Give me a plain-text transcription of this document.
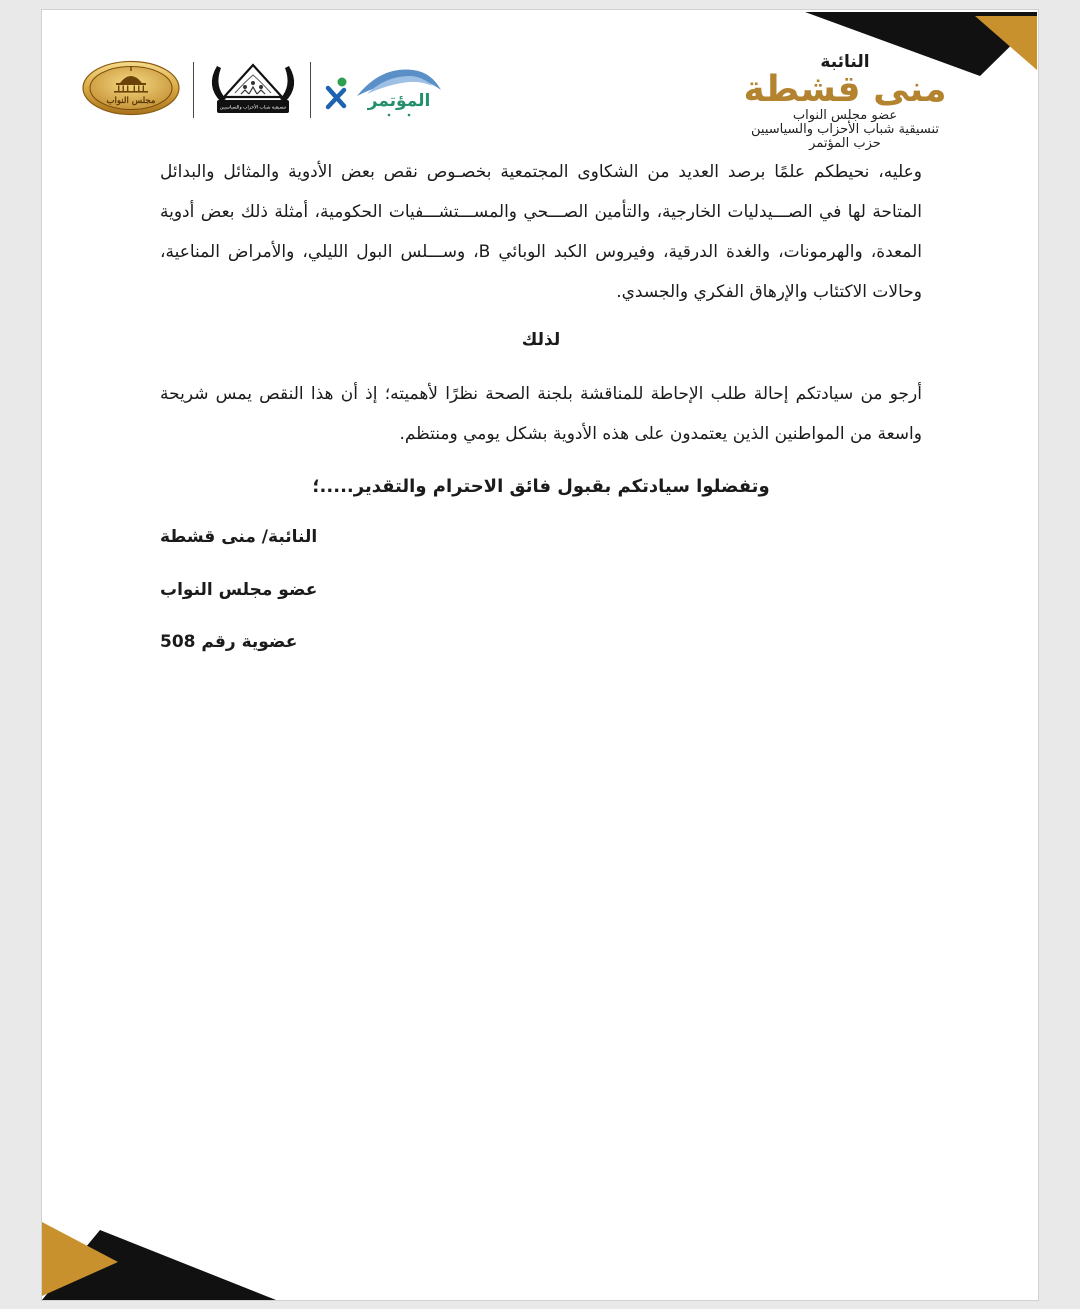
النائبة
منى قشطة
عضو مجلس النواب
تنسيقية شباب الأحزاب والسياسيين
حزب المؤتمر
مجلس النواب
تنسيقية شباب الأحزاب والسياسيين	المؤتمر
وعليه، نحيطكم علمًا برصد العديد من الشكاوى المجتمعية بخصـوص نقص بعض الأدوية والمثائل والبدائل
المتاحة لها في الصـــيدليات الخارجية، والتأمين الصـــحي والمســـتشـــفيات الحكومية، أمثلة ذلك بعض أدوية
المعدة، والهرمونات، والغدة الدرقية، وفيروس الكبد الوبائي B، وســـلس البول الليلي، والأمراض المناعية،
وحالات الاكتئاب والإرهاق الفكري والجسدي.
لذلك
أرجو من سيادتكم إحالة طلب الإحاطة للمناقشة بلجنة الصحة نظرًا لأهميته؛ إذ أن هذا النقص يمس شريحة
واسعة من المواطنين الذين يعتمدون على هذه الأدوية بشكل يومي ومنتظم.
وتفضلوا سيادتكم بقبول فائق الاحترام والتقدير.....؛
النائبة/ منى قشطة
عضو مجلس النواب
عضوية رقم 508
